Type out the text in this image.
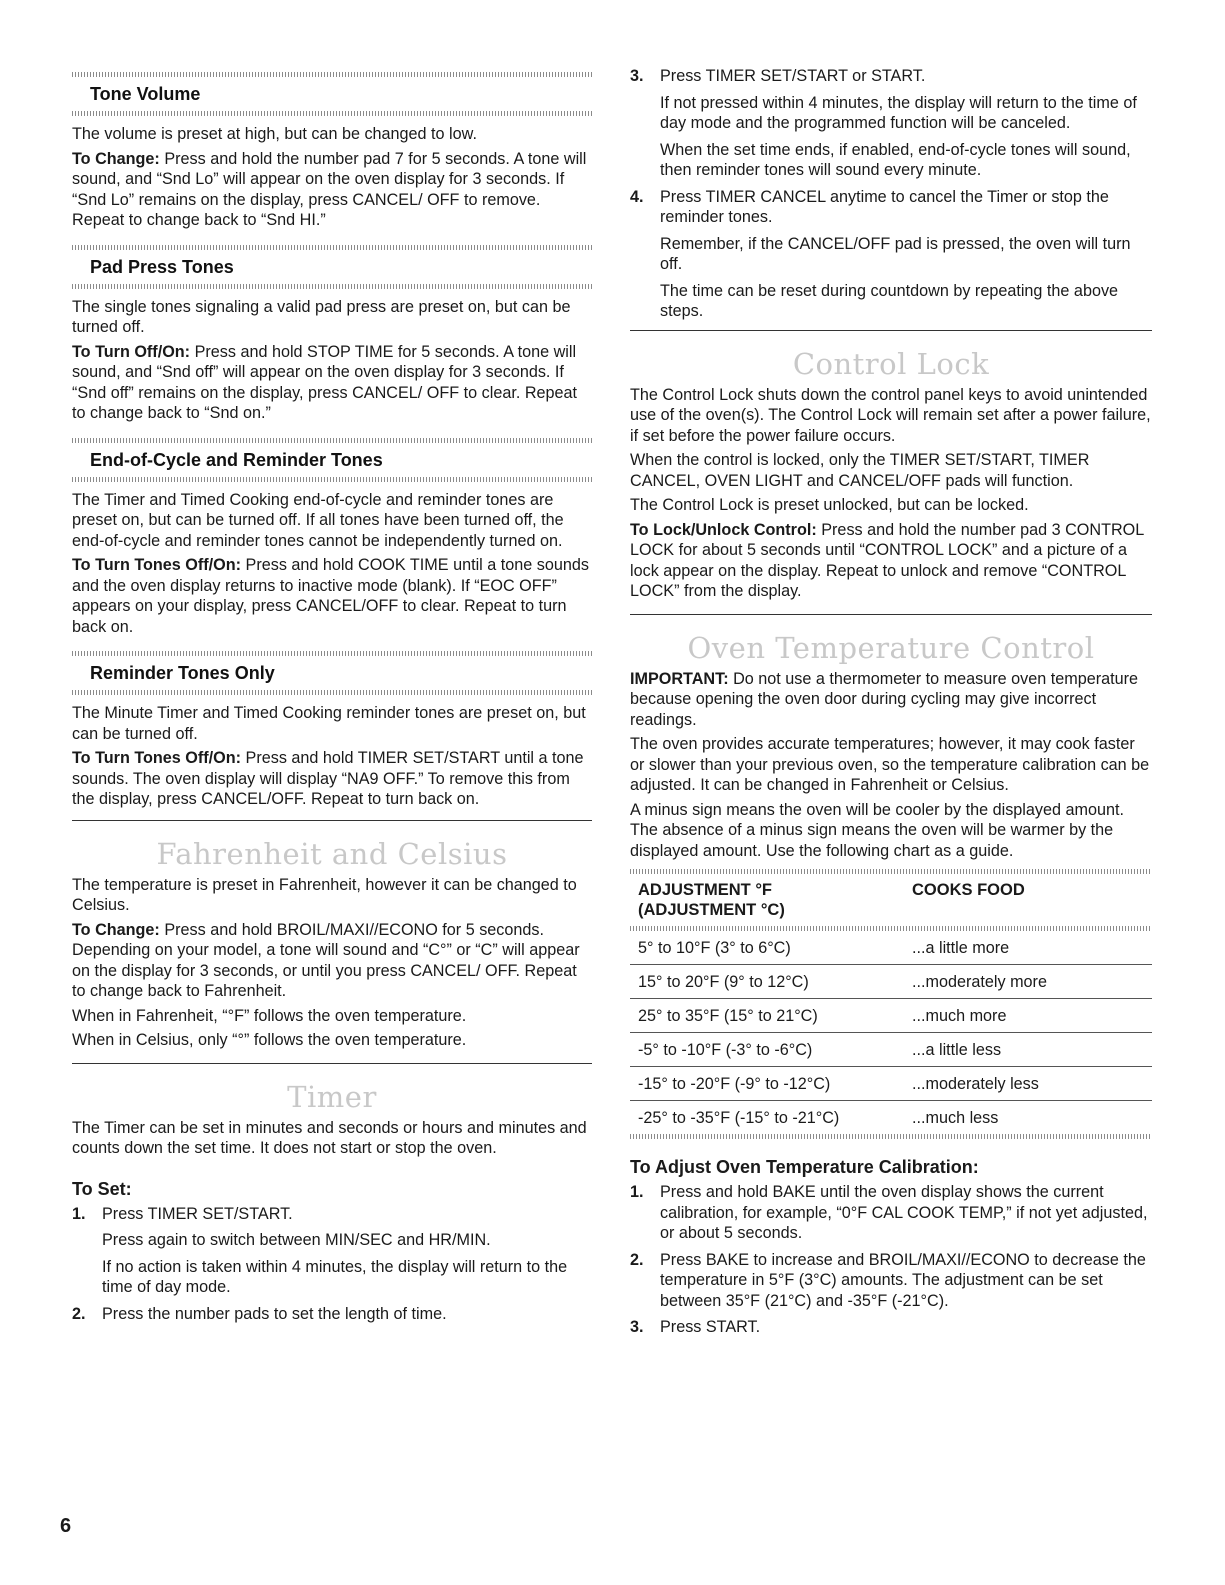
Tone Volume

The volume is preset at high, but can be changed to low.

To Change: Press and hold the number pad 7 for 5 seconds. A tone will sound, and “Snd Lo” will appear on the oven display for 3 seconds. If “Snd Lo” remains on the display, press CANCEL/ OFF to remove. Repeat to change back to “Snd HI.”

Pad Press Tones

The single tones signaling a valid pad press are preset on, but can be turned off.

To Turn Off/On: Press and hold STOP TIME for 5 seconds. A tone will sound, and “Snd off” will appear on the oven display for 3 seconds. If “Snd off” remains on the display, press CANCEL/ OFF to clear. Repeat to change back to “Snd on.”

End-of-Cycle and Reminder Tones

The Timer and Timed Cooking end-of-cycle and reminder tones are preset on, but can be turned off. If all tones have been turned off, the end-of-cycle and reminder tones cannot be independently turned on.

To Turn Tones Off/On: Press and hold COOK TIME until a tone sounds and the oven display returns to inactive mode (blank). If “EOC OFF” appears on your display, press CANCEL/OFF to clear. Repeat to turn back on.

Reminder Tones Only

The Minute Timer and Timed Cooking reminder tones are preset on, but can be turned off.

To Turn Tones Off/On: Press and hold TIMER SET/START until a tone sounds. The oven display will display “NA9 OFF.” To remove this from the display, press CANCEL/OFF. Repeat to turn back on.

Fahrenheit and Celsius

The temperature is preset in Fahrenheit, however it can be changed to Celsius.

To Change: Press and hold BROIL/MAXI//ECONO for 5 seconds. Depending on your model, a tone will sound and “C°” or “C” will appear on the display for 3 seconds, or until you press CANCEL/ OFF. Repeat to change back to Fahrenheit.

When in Fahrenheit, “°F” follows the oven temperature.

When in Celsius, only “°” follows the oven temperature.

Timer

The Timer can be set in minutes and seconds or hours and minutes and counts down the set time. It does not start or stop the oven.

To Set:
1. Press TIMER SET/START.

Press again to switch between MIN/SEC and HR/MIN.

If no action is taken within 4 minutes, the display will return to the time of day mode.

2. Press the number pads to set the length of time.

3. Press TIMER SET/START or START.

If not pressed within 4 minutes, the display will return to the time of day mode and the programmed function will be canceled.

When the set time ends, if enabled, end-of-cycle tones will sound, then reminder tones will sound every minute.

4. Press TIMER CANCEL anytime to cancel the Timer or stop the reminder tones.

Remember, if the CANCEL/OFF pad is pressed, the oven will turn off.

The time can be reset during countdown by repeating the above steps.

Control Lock

The Control Lock shuts down the control panel keys to avoid unintended use of the oven(s). The Control Lock will remain set after a power failure, if set before the power failure occurs.

When the control is locked, only the TIMER SET/START, TIMER CANCEL, OVEN LIGHT and CANCEL/OFF pads will function.

The Control Lock is preset unlocked, but can be locked.

To Lock/Unlock Control: Press and hold the number pad 3 CONTROL LOCK for about 5 seconds until “CONTROL LOCK” and a picture of a lock appear on the display. Repeat to unlock and remove “CONTROL LOCK” from the display.

Oven Temperature Control

IMPORTANT: Do not use a thermometer to measure oven temperature because opening the oven door during cycling may give incorrect readings.

The oven provides accurate temperatures; however, it may cook faster or slower than your previous oven, so the temperature calibration can be adjusted. It can be changed in Fahrenheit or Celsius.

A minus sign means the oven will be cooler by the displayed amount. The absence of a minus sign means the oven will be warmer by the displayed amount. Use the following chart as a guide.

ADJUSTMENT °F
(ADJUSTMENT °C)
COOKS FOOD
5° to 10°F (3° to 6°C)	...a little more
15° to 20°F (9° to 12°C)	...moderately more
25° to 35°F (15° to 21°C)	...much more
-5° to -10°F (-3° to -6°C)	...a little less
-15° to -20°F (-9° to -12°C)	...moderately less
-25° to -35°F (-15° to -21°C)	...much less
To Adjust Oven Temperature Calibration:
1. Press and hold BAKE until the oven display shows the current calibration, for example, “0°F CAL COOK TEMP,” if not yet adjusted, or about 5 seconds.

2. Press BAKE to increase and BROIL/MAXI//ECONO to decrease the temperature in 5°F (3°C) amounts. The adjustment can be set between 35°F (21°C) and -35°F (-21°C).

3. Press START.

6
